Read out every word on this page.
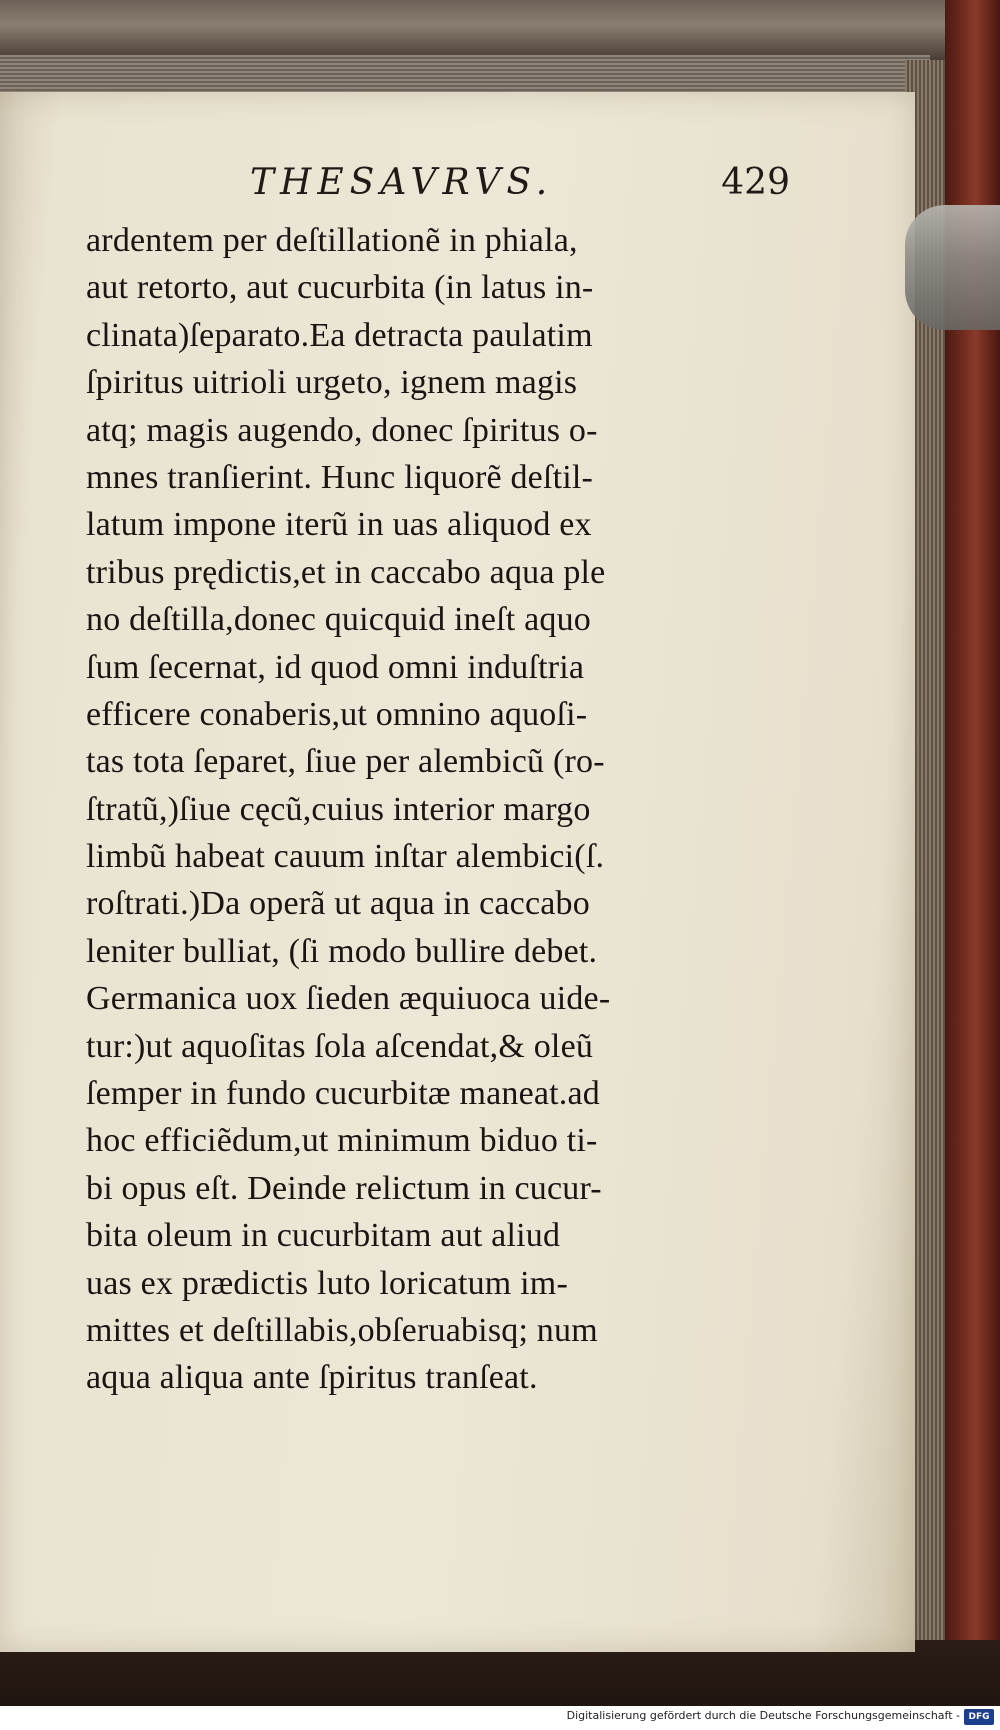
THESAVRVS.	429
ardentem per deſtillationẽ in phiala,
aut retorto, aut cucurbita (in latus in-
clinata)ſeparato.Ea detracta paulatim
ſpiritus uitrioli urgeto, ignem magis
atq; magis augendo, donec ſpiritus o-
mnes tranſierint. Hunc liquorẽ deſtil-
latum impone iterũ in uas aliquod ex
tribus prędictis,et in caccabo aqua ple
no deſtilla,donec quicquid ineſt aquo
ſum ſecernat, id quod omni induſtria
efficere conaberis,ut omnino aquoſi-
tas tota ſeparet, ſiue per alembicũ (ro-
ſtratũ,)ſiue cęcũ,cuius interior margo
limbũ habeat cauum inſtar alembici(ſ.
roſtrati.)Da operã ut aqua in caccabo
leniter bulliat, (ſi modo bullire debet.
Germanica uox ſieden æquiuoca uide-
tur:)ut aquoſitas ſola aſcendat,& oleũ
ſemper in fundo cucurbitæ maneat.ad
hoc efficiẽdum,ut minimum biduo ti-
bi opus eſt. Deinde relictum in cucur-
bita oleum in cucurbitam aut aliud
uas ex prædictis luto loricatum im-
mittes et deſtillabis,obſeruabisq; num
aqua aliqua ante ſpiritus tranſeat.
Digitalisierung gefördert durch die Deutsche Forschungsgemeinschaft - DFG
